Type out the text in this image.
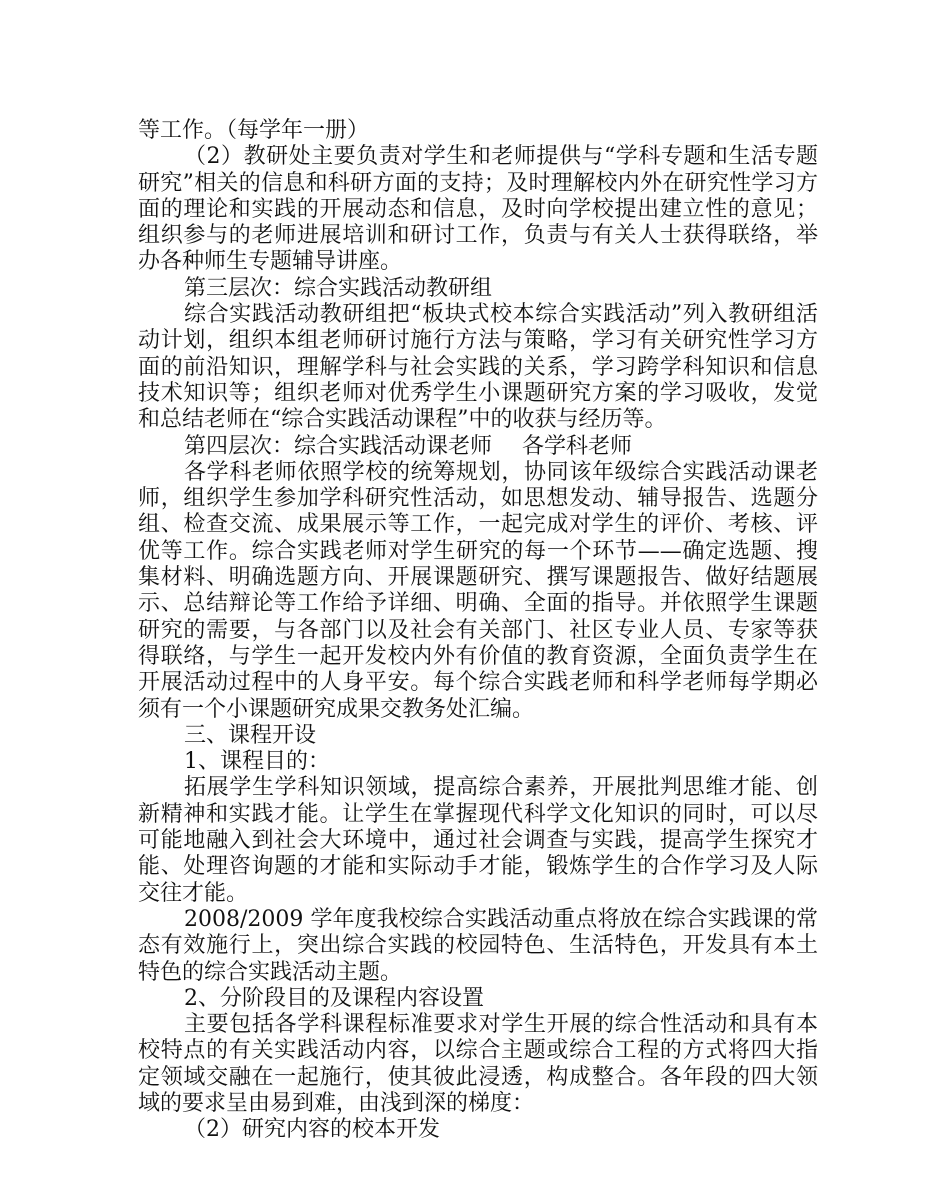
等工作。（每学年一册）

（2）教研处主要负责对学生和老师提供与“学科专题和生活专题研究”相关的信息和科研方面的支持；及时理解校内外在研究性学习方面的理论和实践的开展动态和信息，及时向学校提出建立性的意见；组织参与的老师进展培训和研讨工作，负责与有关人士获得联络，举办各种师生专题辅导讲座。

第三层次：综合实践活动教研组

综合实践活动教研组把“板块式校本综合实践活动”列入教研组活动计划，组织本组老师研讨施行方法与策略，学习有关研究性学习方面的前沿知识，理解学科与社会实践的关系，学习跨学科知识和信息技术知识等；组织老师对优秀学生小课题研究方案的学习吸收，发觉和总结老师在“综合实践活动课程”中的收获与经历等。

第四层次：综合实践活动课老师 各学科老师

各学科老师依照学校的统筹规划，协同该年级综合实践活动课老师，组织学生参加学科研究性活动，如思想发动、辅导报告、选题分组、检查交流、成果展示等工作，一起完成对学生的评价、考核、评优等工作。综合实践老师对学生研究的每一个环节——确定选题、搜集材料、明确选题方向、开展课题研究、撰写课题报告、做好结题展示、总结辩论等工作给予详细、明确、全面的指导。并依照学生课题研究的需要，与各部门以及社会有关部门、社区专业人员、专家等获得联络，与学生一起开发校内外有价值的教育资源，全面负责学生在开展活动过程中的人身平安。每个综合实践老师和科学老师每学期必须有一个小课题研究成果交教务处汇编。

三、课程开设

1、课程目的：

拓展学生学科知识领域，提高综合素养，开展批判思维才能、创新精神和实践才能。让学生在掌握现代科学文化知识的同时，可以尽可能地融入到社会大环境中，通过社会调查与实践，提高学生探究才能、处理咨询题的才能和实际动手才能，锻炼学生的合作学习及人际交往才能。

2008/2009 学年度我校综合实践活动重点将放在综合实践课的常态有效施行上，突出综合实践的校园特色、生活特色，开发具有本土特色的综合实践活动主题。

2、分阶段目的及课程内容设置

主要包括各学科课程标准要求对学生开展的综合性活动和具有本校特点的有关实践活动内容，以综合主题或综合工程的方式将四大指定领域交融在一起施行，使其彼此浸透，构成整合。各年段的四大领域的要求呈由易到难，由浅到深的梯度：

（2）研究内容的校本开发
